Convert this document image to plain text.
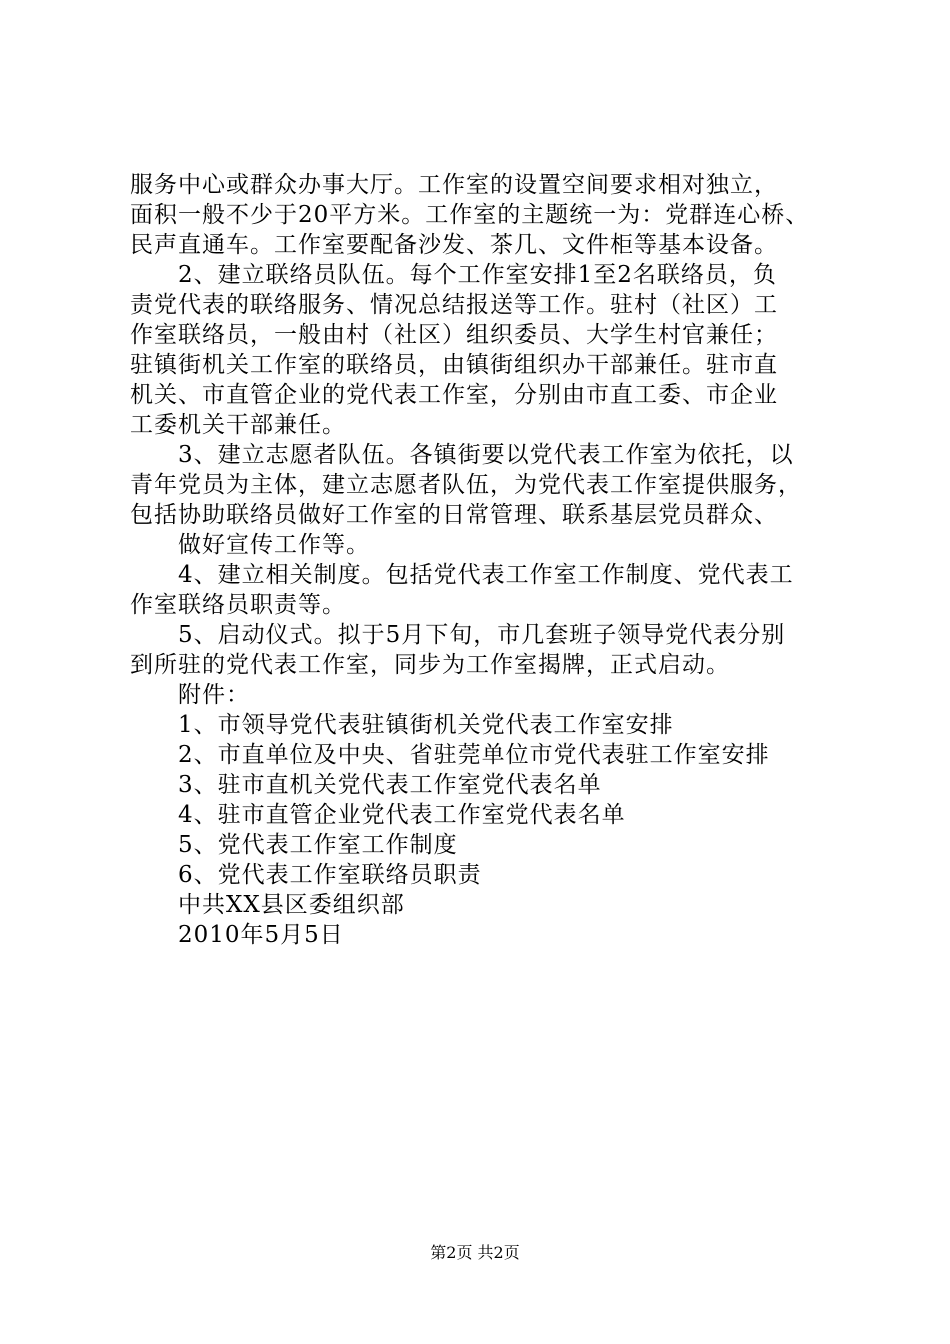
服务中心或群众办事大厅。工作室的设置空间要求相对独立，
面积一般不少于20平方米。工作室的主题统一为：党群连心桥、
民声直通车。工作室要配备沙发、茶几、文件柜等基本设备。
2、建立联络员队伍。每个工作室安排1至2名联络员，负
责党代表的联络服务、情况总结报送等工作。驻村（社区）工
作室联络员，一般由村（社区）组织委员、大学生村官兼任；
驻镇街机关工作室的联络员，由镇街组织办干部兼任。驻市直
机关、市直管企业的党代表工作室，分别由市直工委、市企业
工委机关干部兼任。
3、建立志愿者队伍。各镇街要以党代表工作室为依托，以
青年党员为主体，建立志愿者队伍，为党代表工作室提供服务，
包括协助联络员做好工作室的日常管理、联系基层党员群众、
做好宣传工作等。
4、建立相关制度。包括党代表工作室工作制度、党代表工
作室联络员职责等。
5、启动仪式。拟于5月下旬，市几套班子领导党代表分别
到所驻的党代表工作室，同步为工作室揭牌，正式启动。
附件：
1、市领导党代表驻镇街机关党代表工作室安排
2、市直单位及中央、省驻莞单位市党代表驻工作室安排
3、驻市直机关党代表工作室党代表名单
4、驻市直管企业党代表工作室党代表名单
5、党代表工作室工作制度
6、党代表工作室联络员职责
中共XX县区委组织部
2010年5月5日
第2页 共2页
